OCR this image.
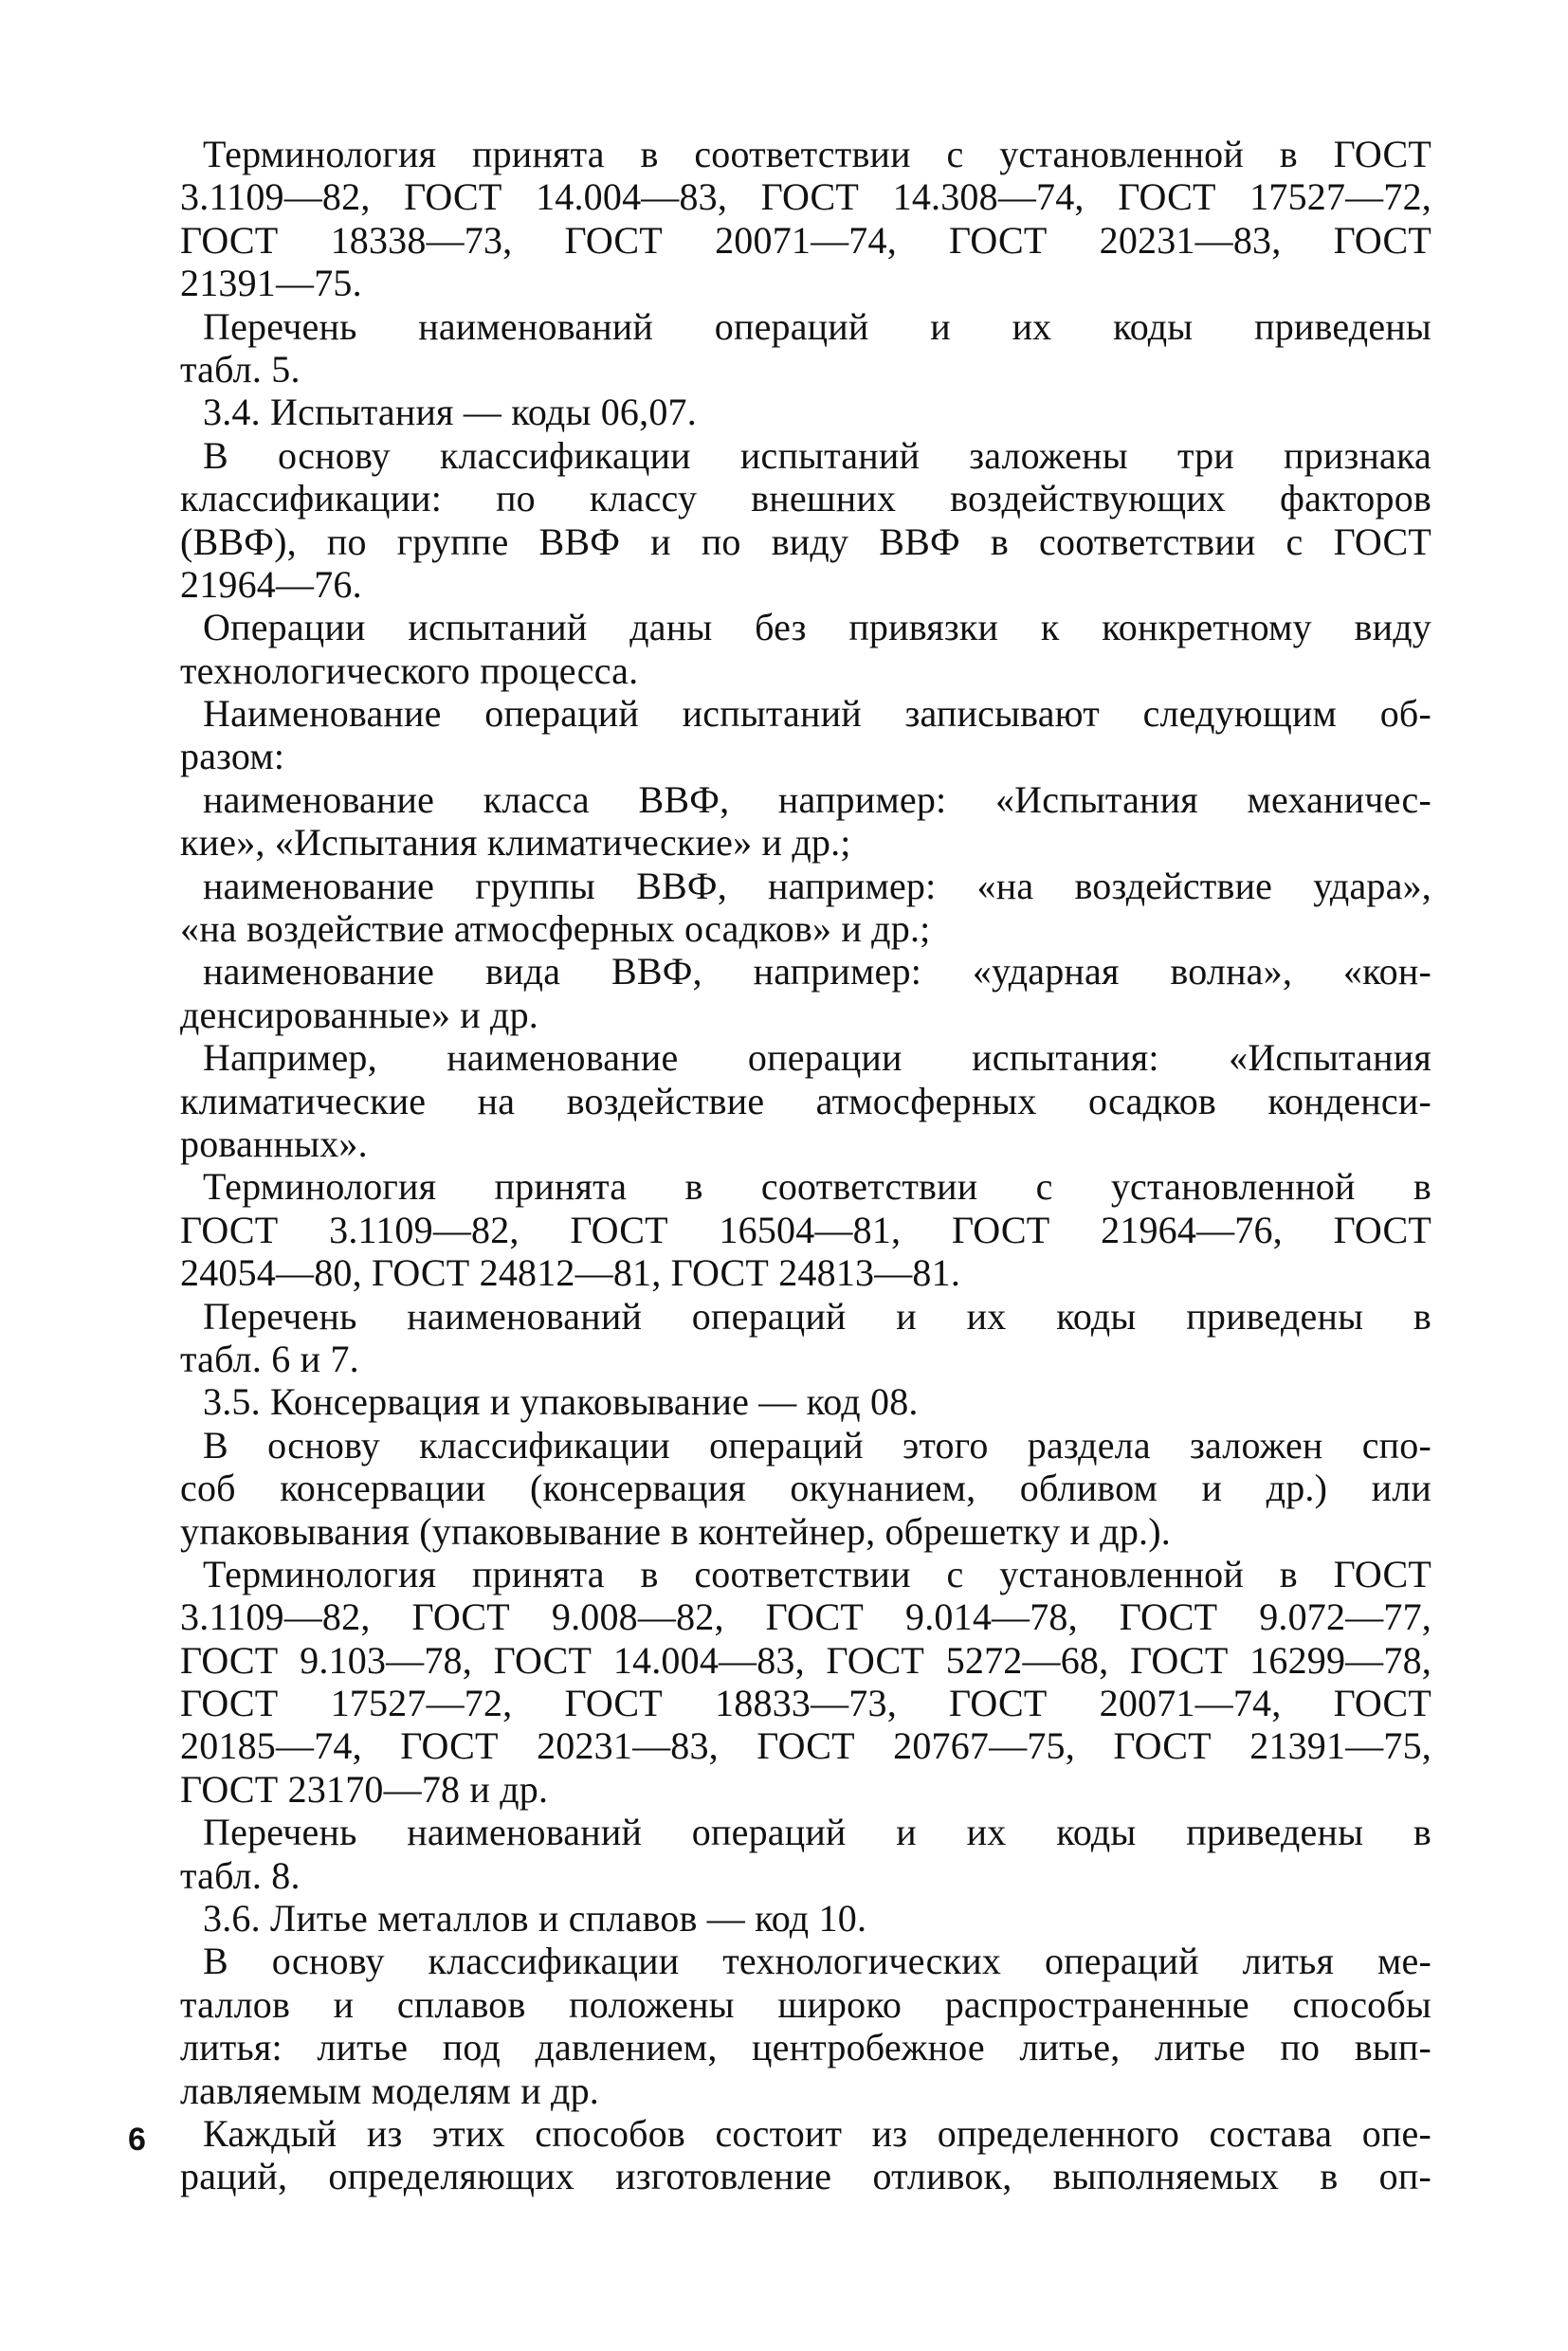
Терминология принята в соответствии с установленной в ГОСТ
3.1109—82, ГОСТ 14.004—83, ГОСТ 14.308—74, ГОСТ 17527—72,
ГОСТ 18338—73, ГОСТ 20071—74, ГОСТ 20231—83, ГОСТ
21391—75.
Перечень наименований операций и их коды приведены
табл. 5.
3.4. Испытания — коды 06,07.
В основу классификации испытаний заложены три признака
классификации: по классу внешних воздействующих факторов
(ВВФ), по группе ВВФ и по виду ВВФ в соответствии с ГОСТ
21964—76.
Операции испытаний даны без привязки к конкретному виду
технологического процесса.
Наименование операций испытаний записывают следующим об-
разом:
наименование класса ВВФ, например: «Испытания механичес-
кие», «Испытания климатические» и др.;
наименование группы ВВФ, например: «на воздействие удара»,
«на воздействие атмосферных осадков» и др.;
наименование вида ВВФ, например: «ударная волна», «кон-
денсированные» и др.
Например, наименование операции испытания: «Испытания
климатические на воздействие атмосферных осадков конденси-
рованных».
Терминология принята в соответствии с установленной в
ГОСТ 3.1109—82, ГОСТ 16504—81, ГОСТ 21964—76, ГОСТ
24054—80, ГОСТ 24812—81, ГОСТ 24813—81.
Перечень наименований операций и их коды приведены в
табл. 6 и 7.
3.5. Консервация и упаковывание — код 08.
В основу классификации операций этого раздела заложен спо-
соб консервации (консервация окунанием, обливом и др.) или
упаковывания (упаковывание в контейнер, обрешетку и др.).
Терминология принята в соответствии с установленной в ГОСТ
3.1109—82, ГОСТ 9.008—82, ГОСТ 9.014—78, ГОСТ 9.072—77,
ГОСТ 9.103—78, ГОСТ 14.004—83, ГОСТ 5272—68, ГОСТ 16299—78,
ГОСТ 17527—72, ГОСТ 18833—73, ГОСТ 20071—74, ГОСТ
20185—74, ГОСТ 20231—83, ГОСТ 20767—75, ГОСТ 21391—75,
ГОСТ 23170—78 и др.
Перечень наименований операций и их коды приведены в
табл. 8.
3.6. Литье металлов и сплавов — код 10.
В основу классификации технологических операций литья ме-
таллов и сплавов положены широко распространенные способы
литья: литье под давлением, центробежное литье, литье по вып-
лавляемым моделям и др.
Каждый из этих способов состоит из определенного состава опе-
раций, определяющих изготовление отливок, выполняемых в оп-
6
